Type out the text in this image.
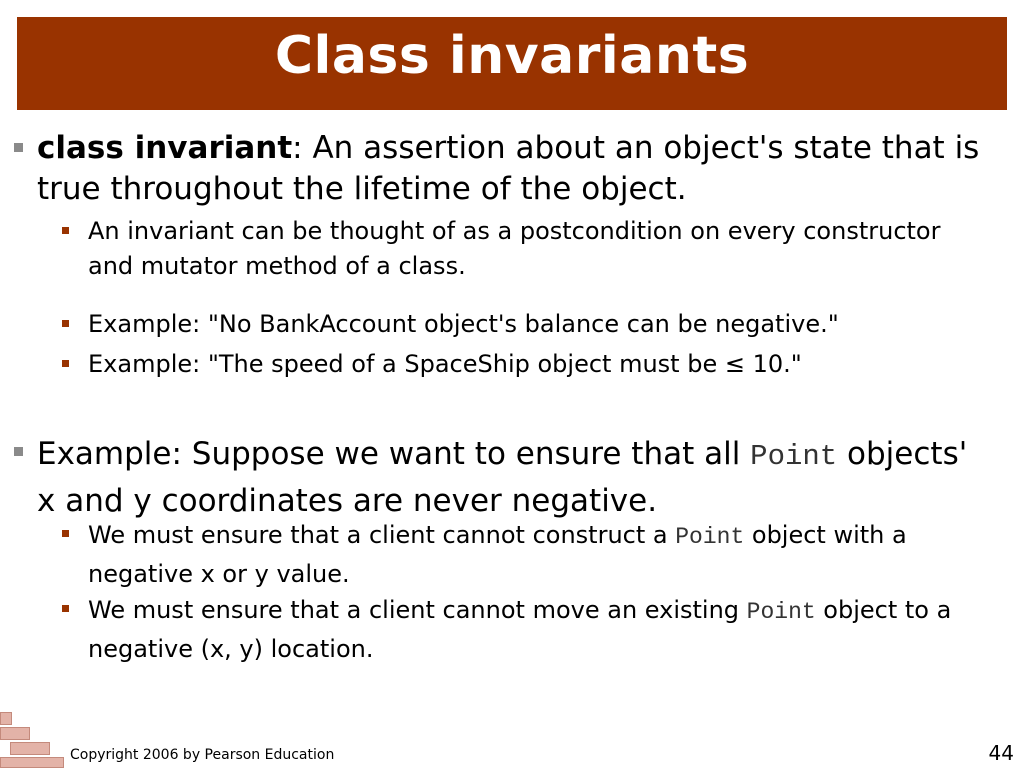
Class invariants
class invariant: An assertion about an object's state that is true throughout the lifetime of the object.
An invariant can be thought of as a postcondition on every constructor and mutator method of a class.
Example: "No BankAccount object's balance can be negative."
Example: "The speed of a SpaceShip object must be ≤ 10."
Example: Suppose we want to ensure that all Point objects' x and y coordinates are never negative.
We must ensure that a client cannot construct a Point object with a negative x or y value.
We must ensure that a client cannot move an existing Point object to a negative (x, y) location.
Copyright 2006 by Pearson Education	44
